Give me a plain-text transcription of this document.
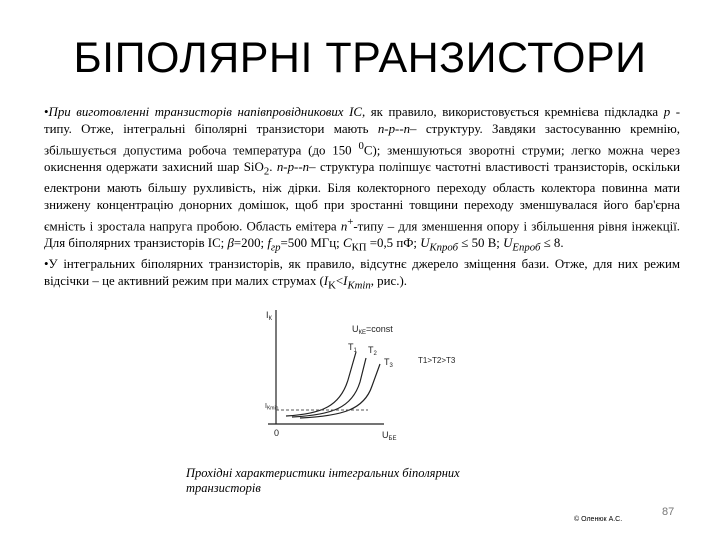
БІПОЛЯРНІ ТРАНЗИСТОРИ

•При виготовленні транзисторів напівпровідникових ІС, як правило, використовується кремнієва підкладка р - типу. Отже, інтегральні біполярні транзистори мають n-р--n– структуру. Завдяки застосуванню кремнію, збільшується допустима робоча температура (до 150 $^0$С); зменшуються зворотні струми; легко можна через окиснення одержати захисний шар SiO$_2$. n-р--n– структура поліпшує частотні властивості транзисторів, оскільки електрони мають більшу рухливість, ніж дірки. Біля колекторного переходу область колектора повинна мати знижену концентрацію донорних домішок, щоб при зростанні товщини переходу зменшувалася його бар'єрна ємність і зростала напруга пробою. Область емітера n+-типу – для зменшення опору і збільшення рівня інжекції. Для біполярних транзисторів ІС; β=200; $f_{гр}=500$ МГц; $С_{КП} =0,5$ пФ; $U_{Кпроб} \le 50$ В; $U_{Епроб} \le 8$.

•У інтегральних біполярних транзисторів, як правило, відсутнє джерело зміщення бази. Отже, для них режим відсічки – це активний режим при малих струмах ($I_K<I_{Kmin}$, рис.).

$I_К$
$U_{БЕ}$
0
$U_{КЕ}=const$
$T_1$ $T_2$
$T_3$
T1>T2>T3
$I_{Kmin}$
Прохідні характеристики інтегральних біполярних транзисторів
© Оленюк А.С.
87
